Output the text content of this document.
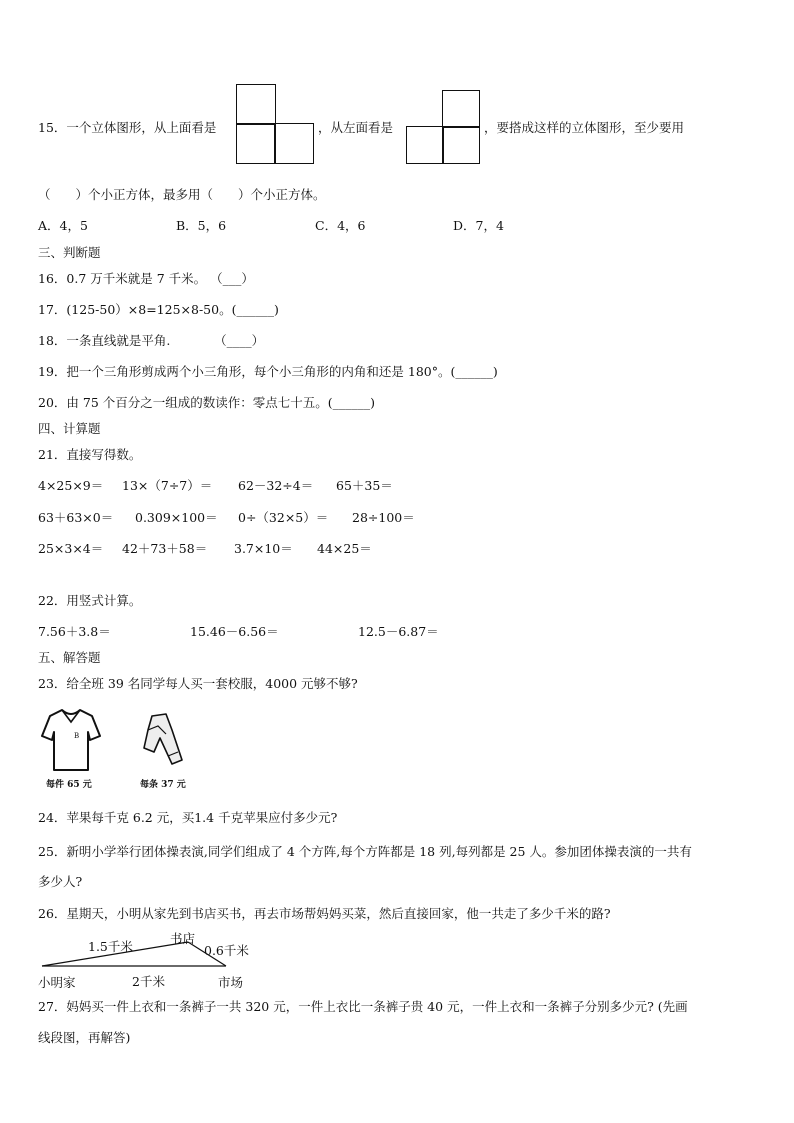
15．一个立体图形，从上面看是	，从左面看是	，要搭成这样的立体图形，至少要用
（　　）个小正方体，最多用（　　）个小正方体。
A．4，5	B．5，6	C．4，6	D．7，4
三、判断题
16．0.7 万千米就是 7 千米。 （___）
17．(125-50）×8=125×8-50。(______)
18．一条直线就是平角.　　　　（____）
19．把一个三角形剪成两个小三角形，每个小三角形的内角和还是 180°。(______)
20．由 75 个百分之一组成的数读作：零点七十五。(______)
四、计算题
21．直接写得数。
4×25×9＝ 13×（7÷7）＝ 62－32÷4＝ 65＋35＝
63＋63×0＝ 0.309×100＝ 0÷（32×5）＝ 28÷100＝
25×3×4＝ 42＋73＋58＝ 3.7×10＝ 44×25＝
22．用竖式计算。
7.56＋3.8＝	15.46－6.56＝	12.5－6.87＝
五、解答题
23．给全班 39 名同学每人买一套校服，4000 元够不够?
B
每件 65 元	每条 37 元
24．苹果每千克 6.2 元，买1.4 千克苹果应付多少元?
25．新明小学举行团体操表演,同学们组成了 4 个方阵,每个方阵都是 18 列,每列都是 25 人。参加团体操表演的一共有
多少人?
26．星期天，小明从家先到书店买书，再去市场帮妈妈买菜，然后直接回家，他一共走了多少千米的路?
1.5千米
书店
0.6千米
小明家	2千米	市场
27．妈妈买一件上衣和一条裤子一共 320 元，一件上衣比一条裤子贵 40 元，一件上衣和一条裤子分别多少元? (先画
线段图，再解答)
